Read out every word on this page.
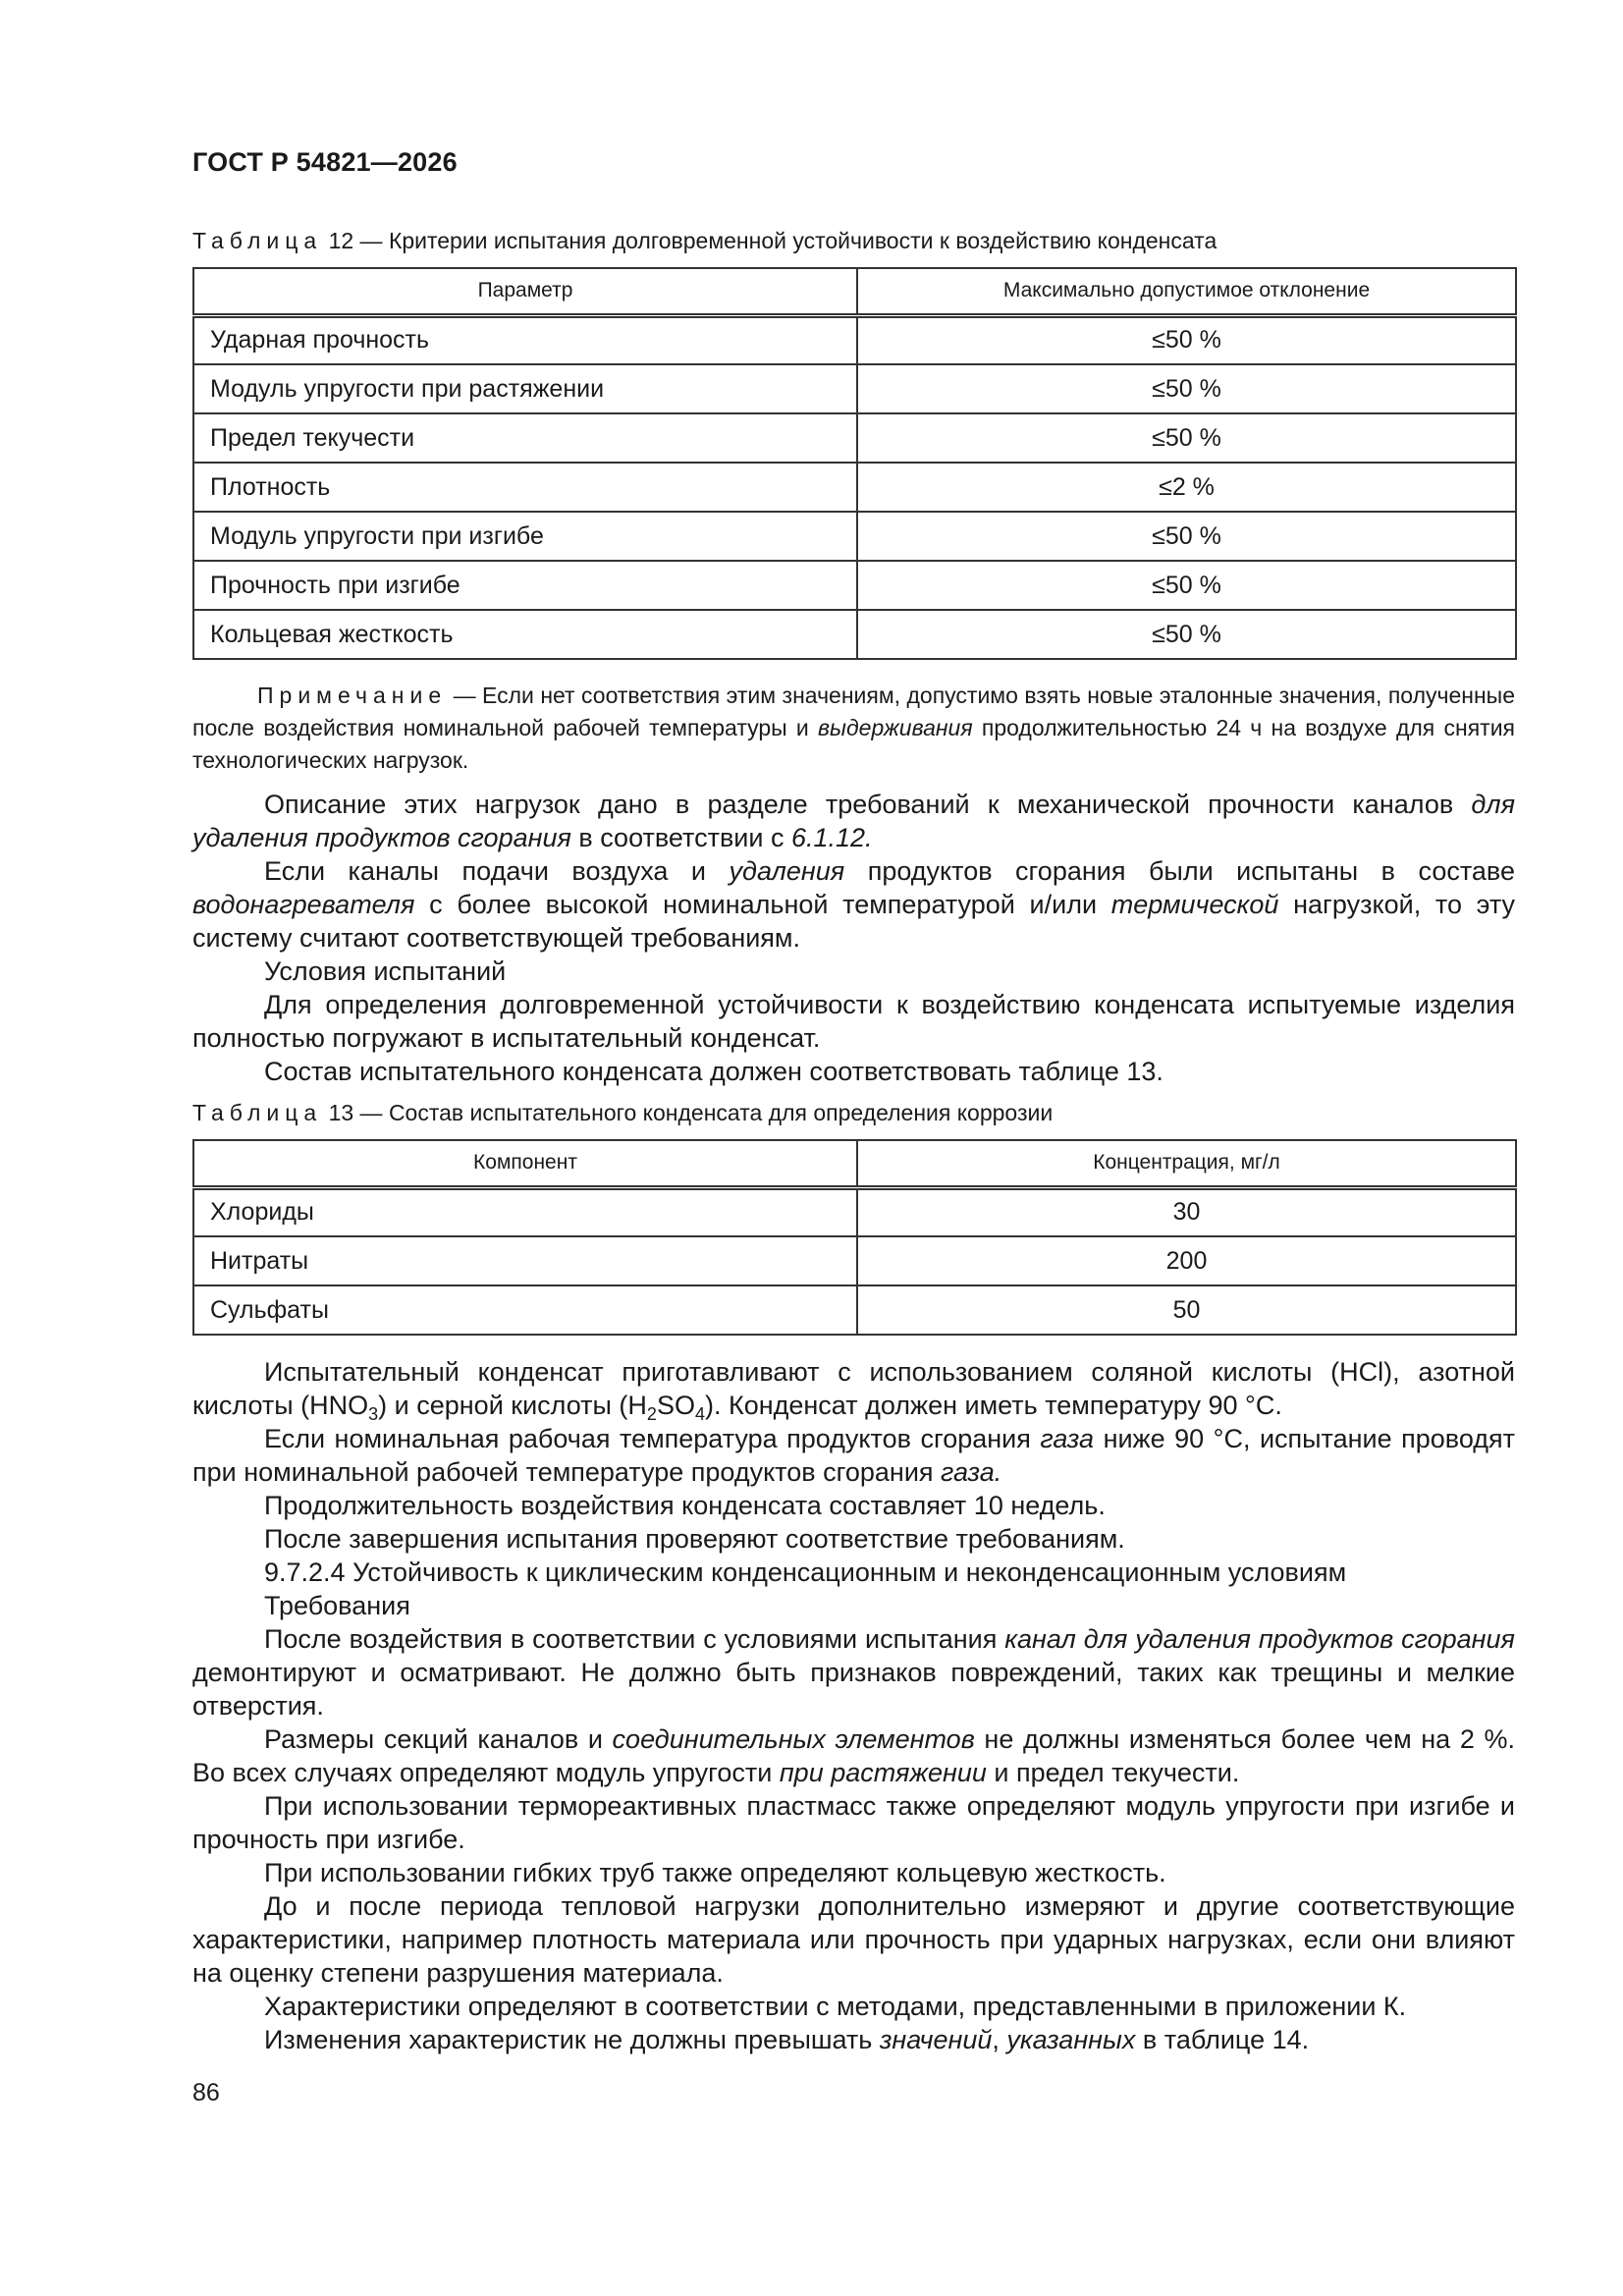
ГОСТ Р 54821—2026
Таблица 12 — Критерии испытания долговременной устойчивости к воздействию конденсата
Параметр	Максимально допустимое отклонение
Ударная прочность	≤50 %
Модуль упругости при растяжении	≤50 %
Предел текучести	≤50 %
Плотность	≤2 %
Модуль упругости при изгибе	≤50 %
Прочность при изгибе	≤50 %
Кольцевая жесткость	≤50 %
Примечание — Если нет соответствия этим значениям, допустимо взять новые эталонные значения, полученные после воздействия номинальной рабочей температуры и выдерживания продолжительностью 24 ч на воздухе для снятия технологических нагрузок.

Описание этих нагрузок дано в разделе требований к механической прочности каналов для удаления продуктов сгорания в соответствии с 6.1.12.

Если каналы подачи воздуха и удаления продуктов сгорания были испытаны в составе водонагревателя с более высокой номинальной температурой и/или термической нагрузкой, то эту систему считают соответствующей требованиям.

Условия испытаний

Для определения долговременной устойчивости к воздействию конденсата испытуемые изделия полностью погружают в испытательный конденсат.

Состав испытательного конденсата должен соответствовать таблице 13.

Таблица 13 — Состав испытательного конденсата для определения коррозии
Компонент	Концентрация, мг/л
Хлориды	30
Нитраты	200
Сульфаты	50

Испытательный конденсат приготавливают с использованием соляной кислоты (HCl), азотной кислоты $(HNO_3)$ и серной кислоты $(H_2SO_4)$. Конденсат должен иметь температуру 90 °C.

Если номинальная рабочая температура продуктов сгорания газа ниже 90 °C, испытание проводят при номинальной рабочей температуре продуктов сгорания газа.

Продолжительность воздействия конденсата составляет 10 недель.

После завершения испытания проверяют соответствие требованиям.

9.7.2.4 Устойчивость к циклическим конденсационным и неконденсационным условиям

Требования

После воздействия в соответствии с условиями испытания канал для удаления продуктов сгорания демонтируют и осматривают. Не должно быть признаков повреждений, таких как трещины и мелкие отверстия.

Размеры секций каналов и соединительных элементов не должны изменяться более чем на 2 %. Во всех случаях определяют модуль упругости при растяжении и предел текучести.

При использовании термореактивных пластмасс также определяют модуль упругости при изгибе и прочность при изгибе.

При использовании гибких труб также определяют кольцевую жесткость.

До и после периода тепловой нагрузки дополнительно измеряют и другие соответствующие характеристики, например плотность материала или прочность при ударных нагрузках, если они влияют на оценку степени разрушения материала.

Характеристики определяют в соответствии с методами, представленными в приложении К.

Изменения характеристик не должны превышать значений, указанных в таблице 14.

86
